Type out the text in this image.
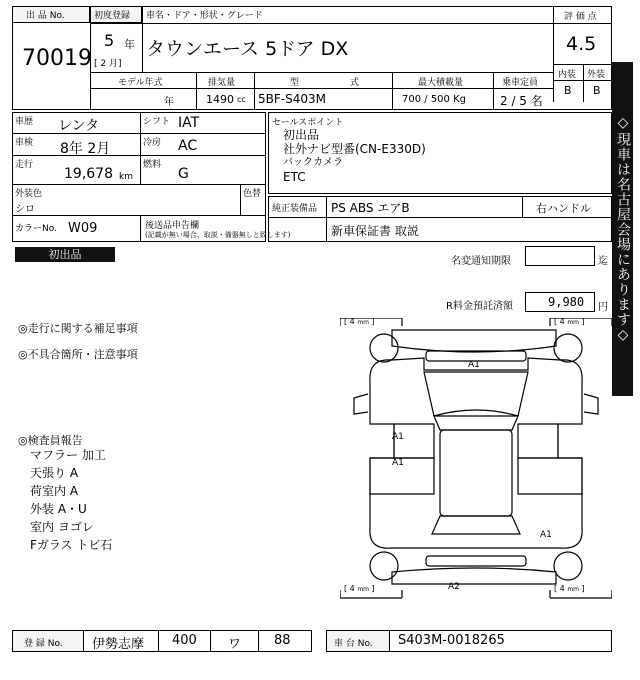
出 品 No.
70019
初度登録
5 年
[ 2 月]
車名・ドア・形状・グレード
タウンエース 5ドア DX
評 価 点
4.5
内装 外装
B B
モデル年式
年
排気量
1490 cc
型	式
5BF-S403M
最大積載量
700 / 500 Kg
乗車定員
2 / 5 名
車歴 レンタ	シフト IAT
車検 8年 2月	冷房 AC
走行
19,678 km
燃料
G
外装色
シロ
色替
カラーNo. W09	後送品申告欄
(記載が無い場合、取説・備器無しと致します)
セールスポイント
初出品
社外ナビ型番(CN-E330D)
バックカメラ
ETC
純正装備品 PS ABS エアB	右ハンドル
新車保証書 取説
初出品
名変通知期限	迄
R料金預託済額	9,980 円 ◇現車は名古屋会場にあります◇
◎走行に関する補足事項
◎不具合箇所・注意事項
◎検査員報告
マフラー 加工
天張り A
荷室内 A
外装 A・U
室内 ヨゴレ
Fガラス トビ石
[ 4 mm ]	[ 4 mm ]
[ 4 mm ]	[ 4 mm ]
A1
A1
A1
A1
A2
登 録 No. 伊勢志摩 400 ワ	88	車 台 No. S403M-0018265
